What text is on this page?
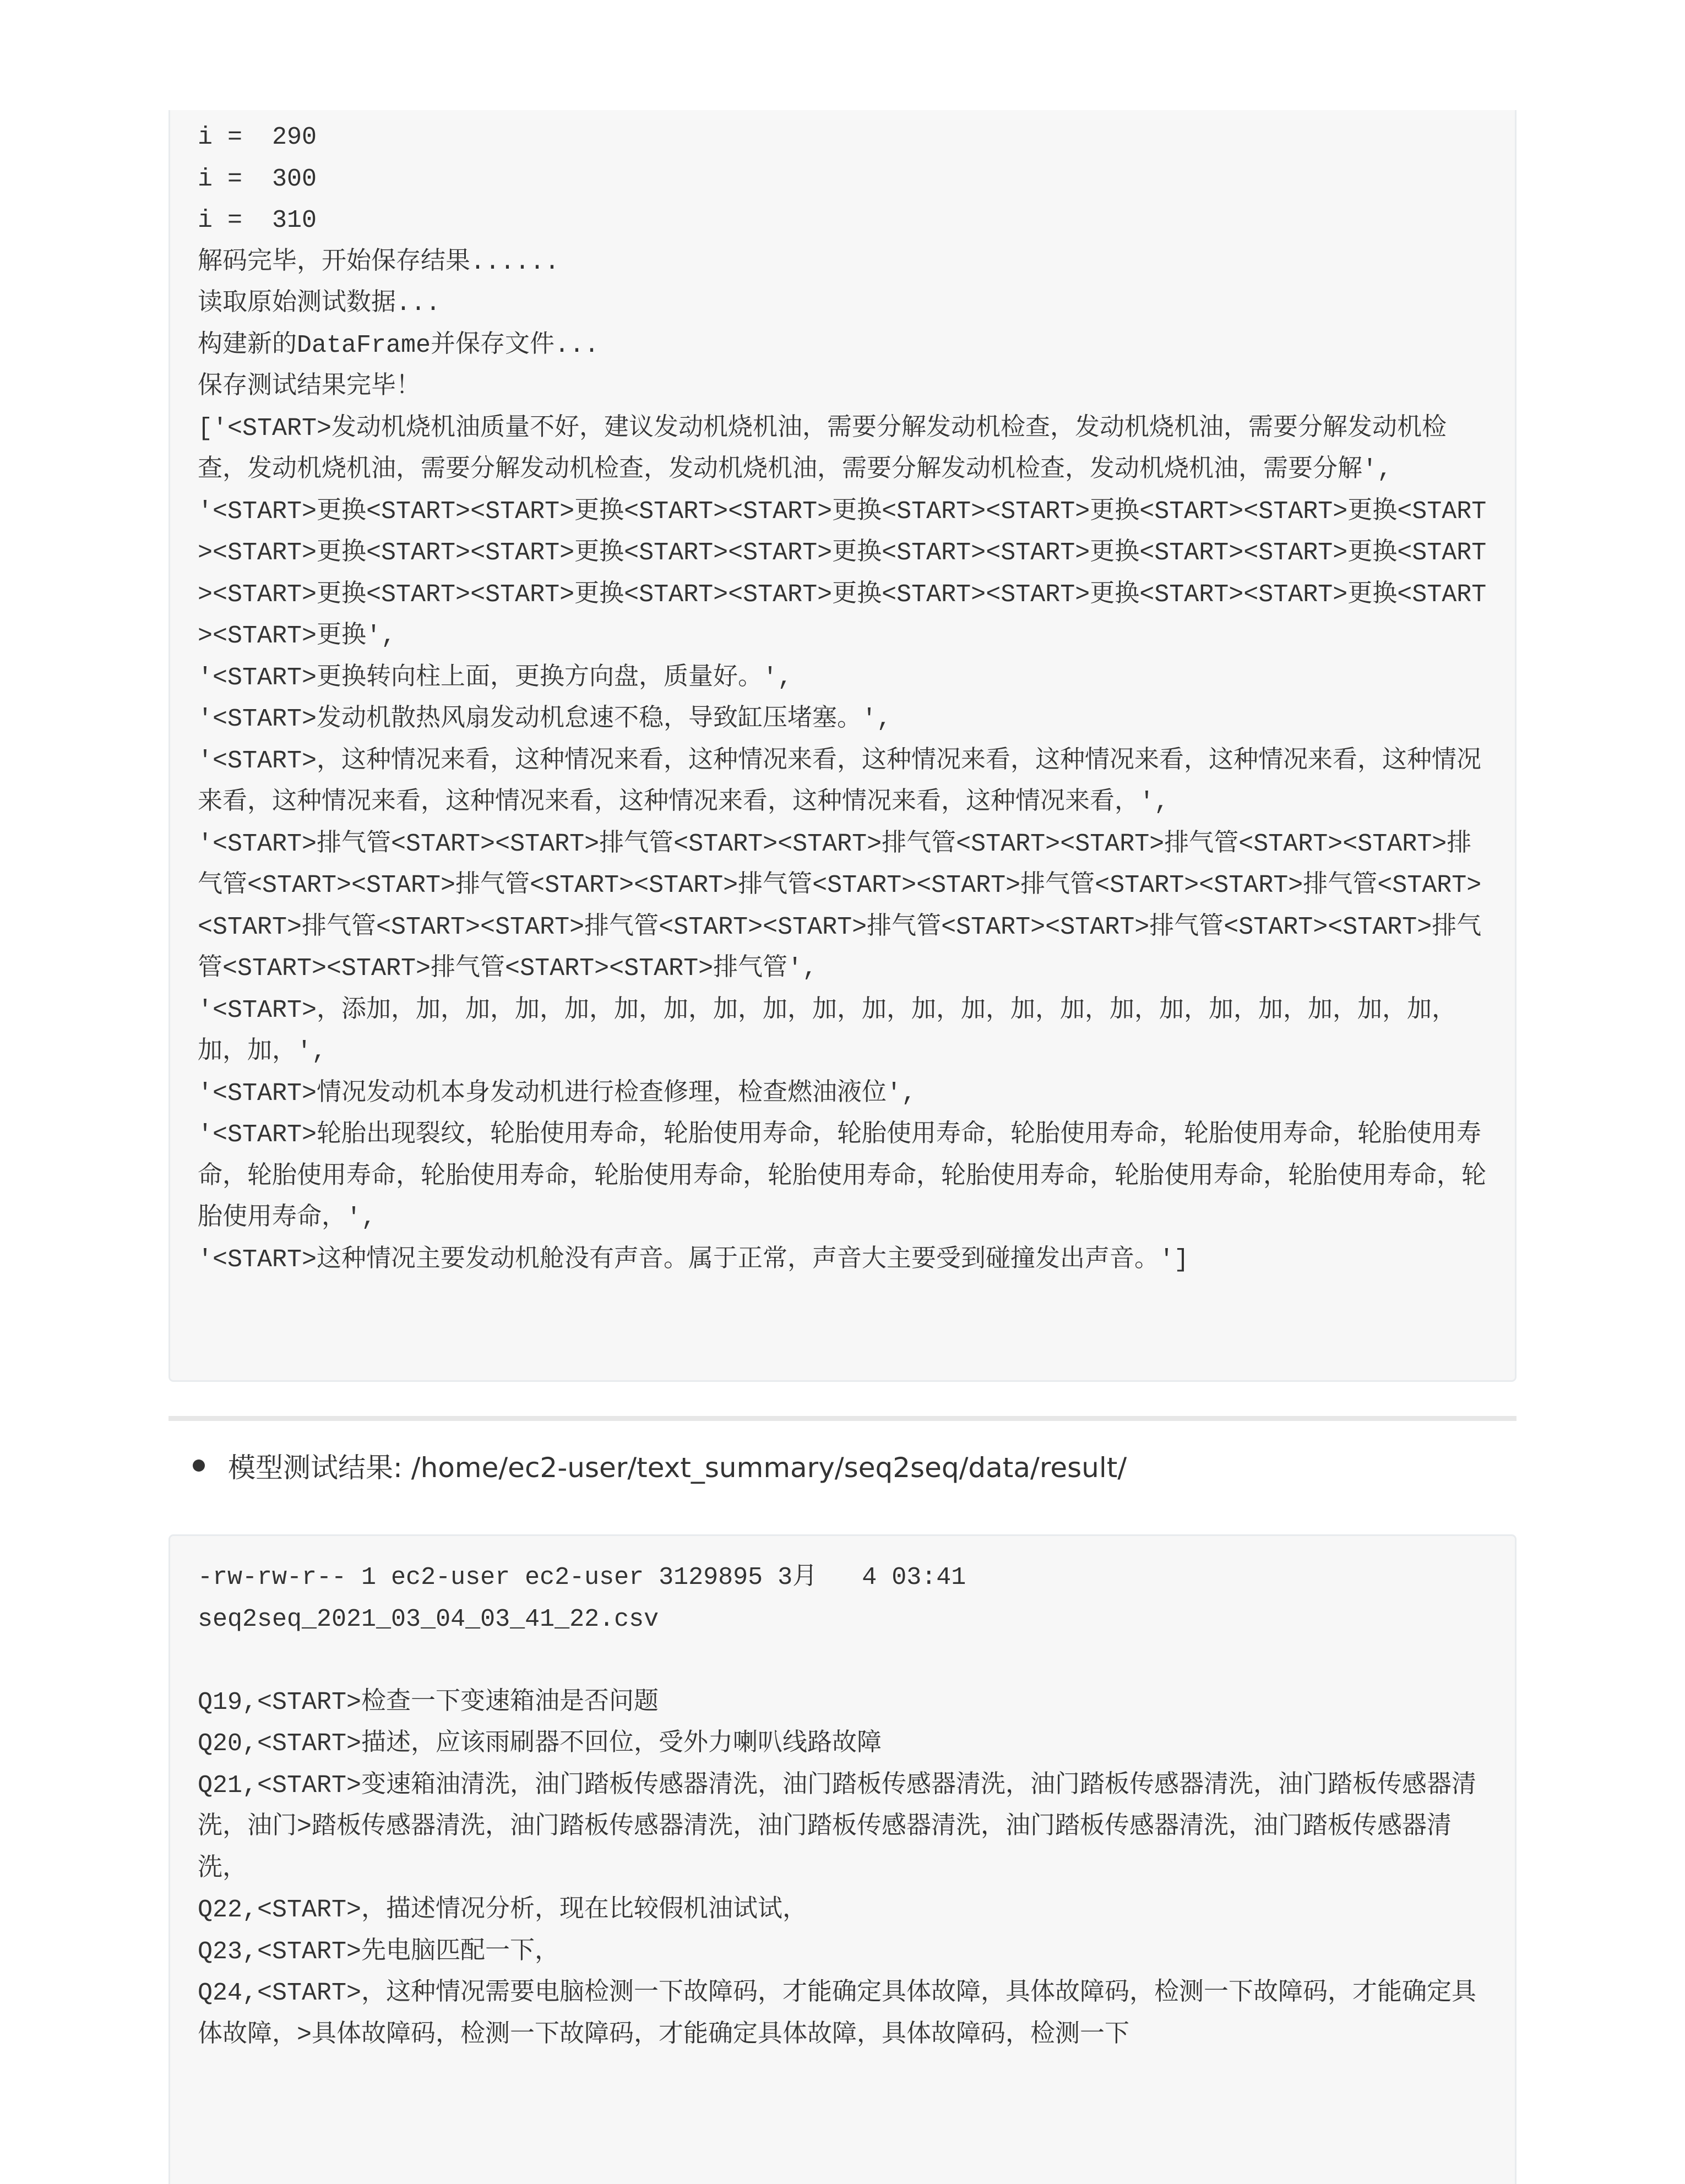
i =  290
i =  300
i =  310
解码完毕，开始保存结果......
读取原始测试数据...
构建新的DataFrame并保存文件...
保存测试结果完毕！
['<START>发动机烧机油质量不好，建议发动机烧机油，需要分解发动机检查，发动机烧机油，需要分解发动机检查，发动机烧机油，需要分解发动机检查，发动机烧机油，需要分解发动机检查，发动机烧机油，需要分解',
'<START>更换<START><START>更换<START><START>更换<START><START>更换<START><START>更换<START><START>更换<START><START>更换<START><START>更换<START><START>更换<START><START>更换<START><START>更换<START><START>更换<START><START>更换<START><START>更换<START><START>更换<START><START>更换',
'<START>更换转向柱上面，更换方向盘，质量好。',
'<START>发动机散热风扇发动机怠速不稳，导致缸压堵塞。',
'<START>，这种情况来看，这种情况来看，这种情况来看，这种情况来看，这种情况来看，这种情况来看，这种情况来看，这种情况来看，这种情况来看，这种情况来看，这种情况来看，这种情况来看，',
'<START>排气管<START><START>排气管<START><START>排气管<START><START>排气管<START><START>排气管<START><START>排气管<START><START>排气管<START><START>排气管<START><START>排气管<START><START>排气管<START><START>排气管<START><START>排气管<START><START>排气管<START><START>排气管<START><START>排气管<START><START>排气管',
'<START>，添加，加，加，加，加，加，加，加，加，加，加，加，加，加，加，加，加，加，加，加，加，加，加，加，',
'<START>情况发动机本身发动机进行检查修理，检查燃油液位',
'<START>轮胎出现裂纹，轮胎使用寿命，轮胎使用寿命，轮胎使用寿命，轮胎使用寿命，轮胎使用寿命，轮胎使用寿命，轮胎使用寿命，轮胎使用寿命，轮胎使用寿命，轮胎使用寿命，轮胎使用寿命，轮胎使用寿命，轮胎使用寿命，轮胎使用寿命，',
'<START>这种情况主要发动机舱没有声音。属于正常，声音大主要受到碰撞发出声音。']
模型测试结果: /home/ec2-user/text_summary/seq2seq/data/result/
-rw-rw-r-- 1 ec2-user ec2-user 3129895 3月   4 03:41
seq2seq_2021_03_04_03_41_22.csv
Q19,<START>检查一下变速箱油是否问题
Q20,<START>描述，应该雨刷器不回位，受外力喇叭线路故障
Q21,<START>变速箱油清洗，油门踏板传感器清洗，油门踏板传感器清洗，油门踏板传感器清洗，油门踏板传感器清洗，油门>踏板传感器清洗，油门踏板传感器清洗，油门踏板传感器清洗，油门踏板传感器清洗，油门踏板传感器清洗，
Q22,<START>，描述情况分析，现在比较假机油试试，
Q23,<START>先电脑匹配一下，
Q24,<START>，这种情况需要电脑检测一下故障码，才能确定具体故障，具体故障码，检测一下故障码，才能确定具体故障，>具体故障码，检测一下故障码，才能确定具体故障，具体故障码，检测一下
